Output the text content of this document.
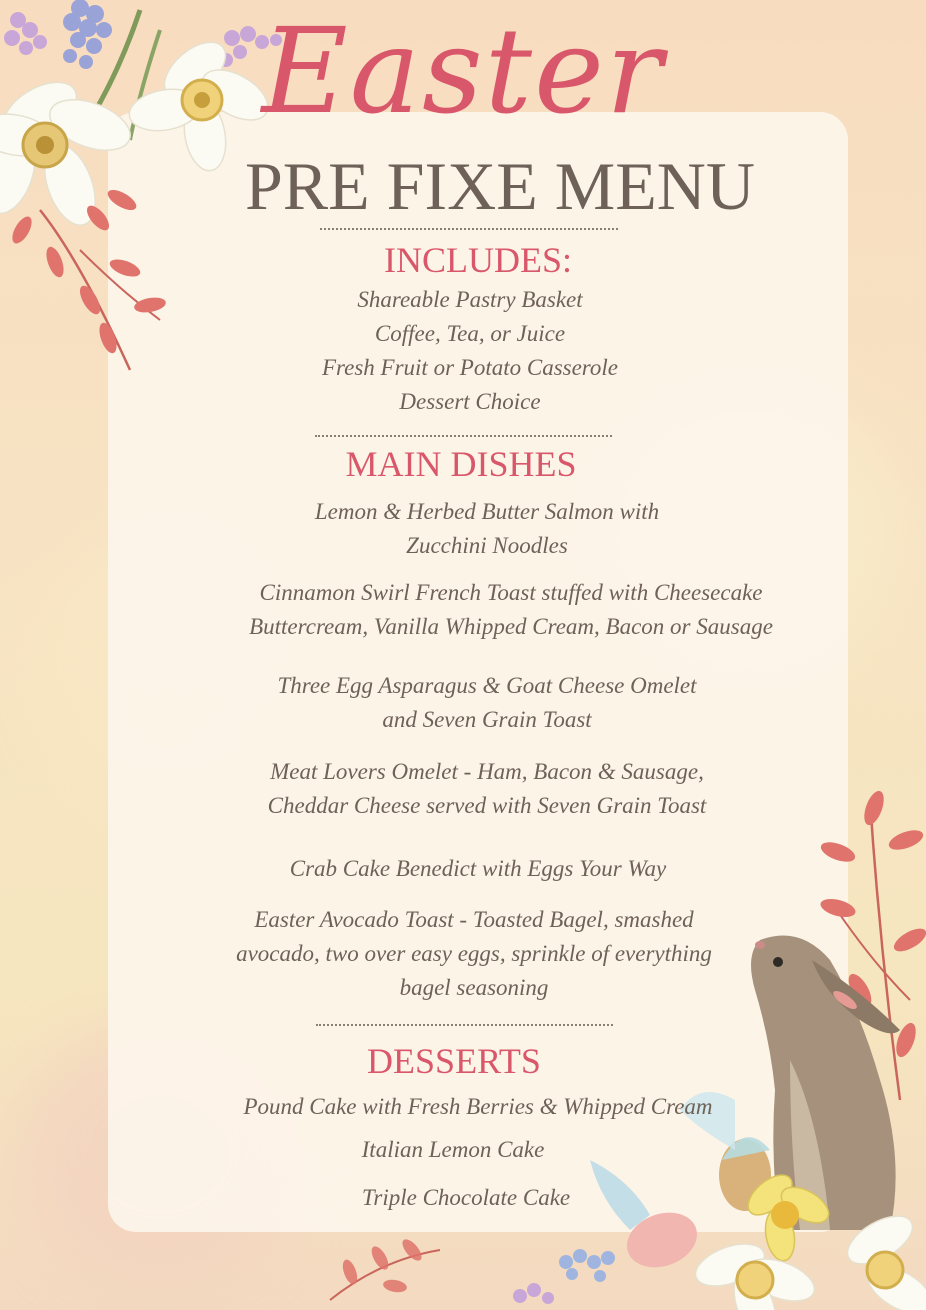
Easter
PRE FIXE MENU
INCLUDES:
Shareable Pastry Basket
Coffee, Tea, or Juice
Fresh Fruit or Potato Casserole
Dessert Choice
MAIN DISHES
Lemon & Herbed Butter Salmon with
Zucchini Noodles
Cinnamon Swirl French Toast stuffed with Cheesecake
Buttercream, Vanilla Whipped Cream, Bacon or Sausage
Three Egg Asparagus & Goat Cheese Omelet
and Seven Grain Toast
Meat Lovers Omelet - Ham, Bacon & Sausage,
Cheddar Cheese served with Seven Grain Toast
Crab Cake Benedict with Eggs Your Way
Easter Avocado Toast - Toasted Bagel, smashed
avocado, two over easy eggs, sprinkle of everything
bagel seasoning
DESSERTS
Pound Cake with Fresh Berries & Whipped Cream
Italian Lemon Cake
Triple Chocolate Cake
